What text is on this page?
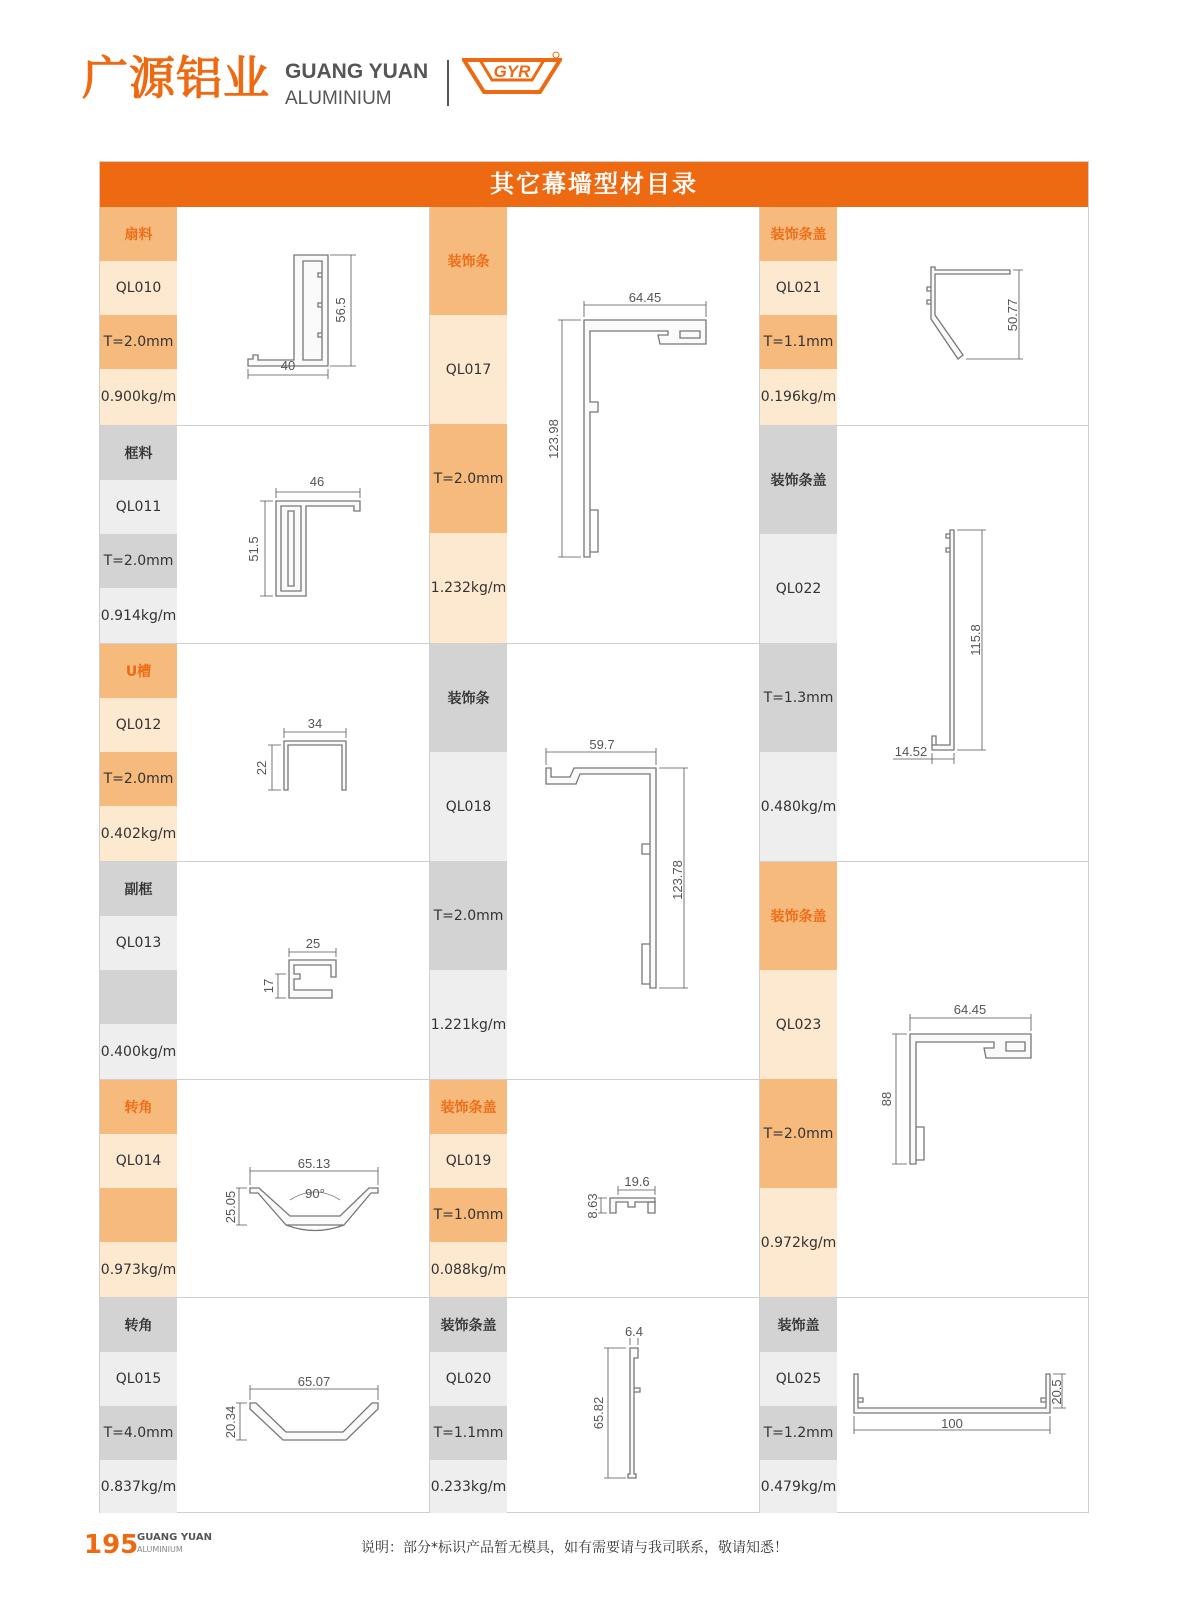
广源铝业 GUANG YUAN
ALUMINIUM
GYR
其它幕墙型材目录
扇料
QL010
T=2.0mm
0.900kg/m
56.5
40
框料
QL011
T=2.0mm
0.914kg/m
46
51.5
U槽
QL012
T=2.0mm
0.402kg/m
34
22
副框
QL013
0.400kg/m
25
17
转角
QL014
0.973kg/m
65.13
90°
25.05
转角
QL015
T=4.0mm
0.837kg/m
65.07
20.34
装饰条
QL017
T=2.0mm
1.232kg/m
64.45
123.98
装饰条
QL018
T=2.0mm
1.221kg/m
59.7
123.78
装饰条盖
QL019
T=1.0mm
0.088kg/m
19.6
8.63
装饰条盖
QL020
T=1.1mm
0.233kg/m
6.4
65.82
装饰条盖
QL021
T=1.1mm
0.196kg/m
50.77
装饰条盖
QL022
T=1.3mm
0.480kg/m
115.8
14.52
装饰条盖
QL023
T=2.0mm
0.972kg/m
64.45
88
装饰盖
QL025
T=1.2mm
0.479kg/m
20.5
100
195
GUANG YUAN
ALUMINIUM	说明：部分*标识产品暂无模具，如有需要请与我司联系，敬请知悉！
